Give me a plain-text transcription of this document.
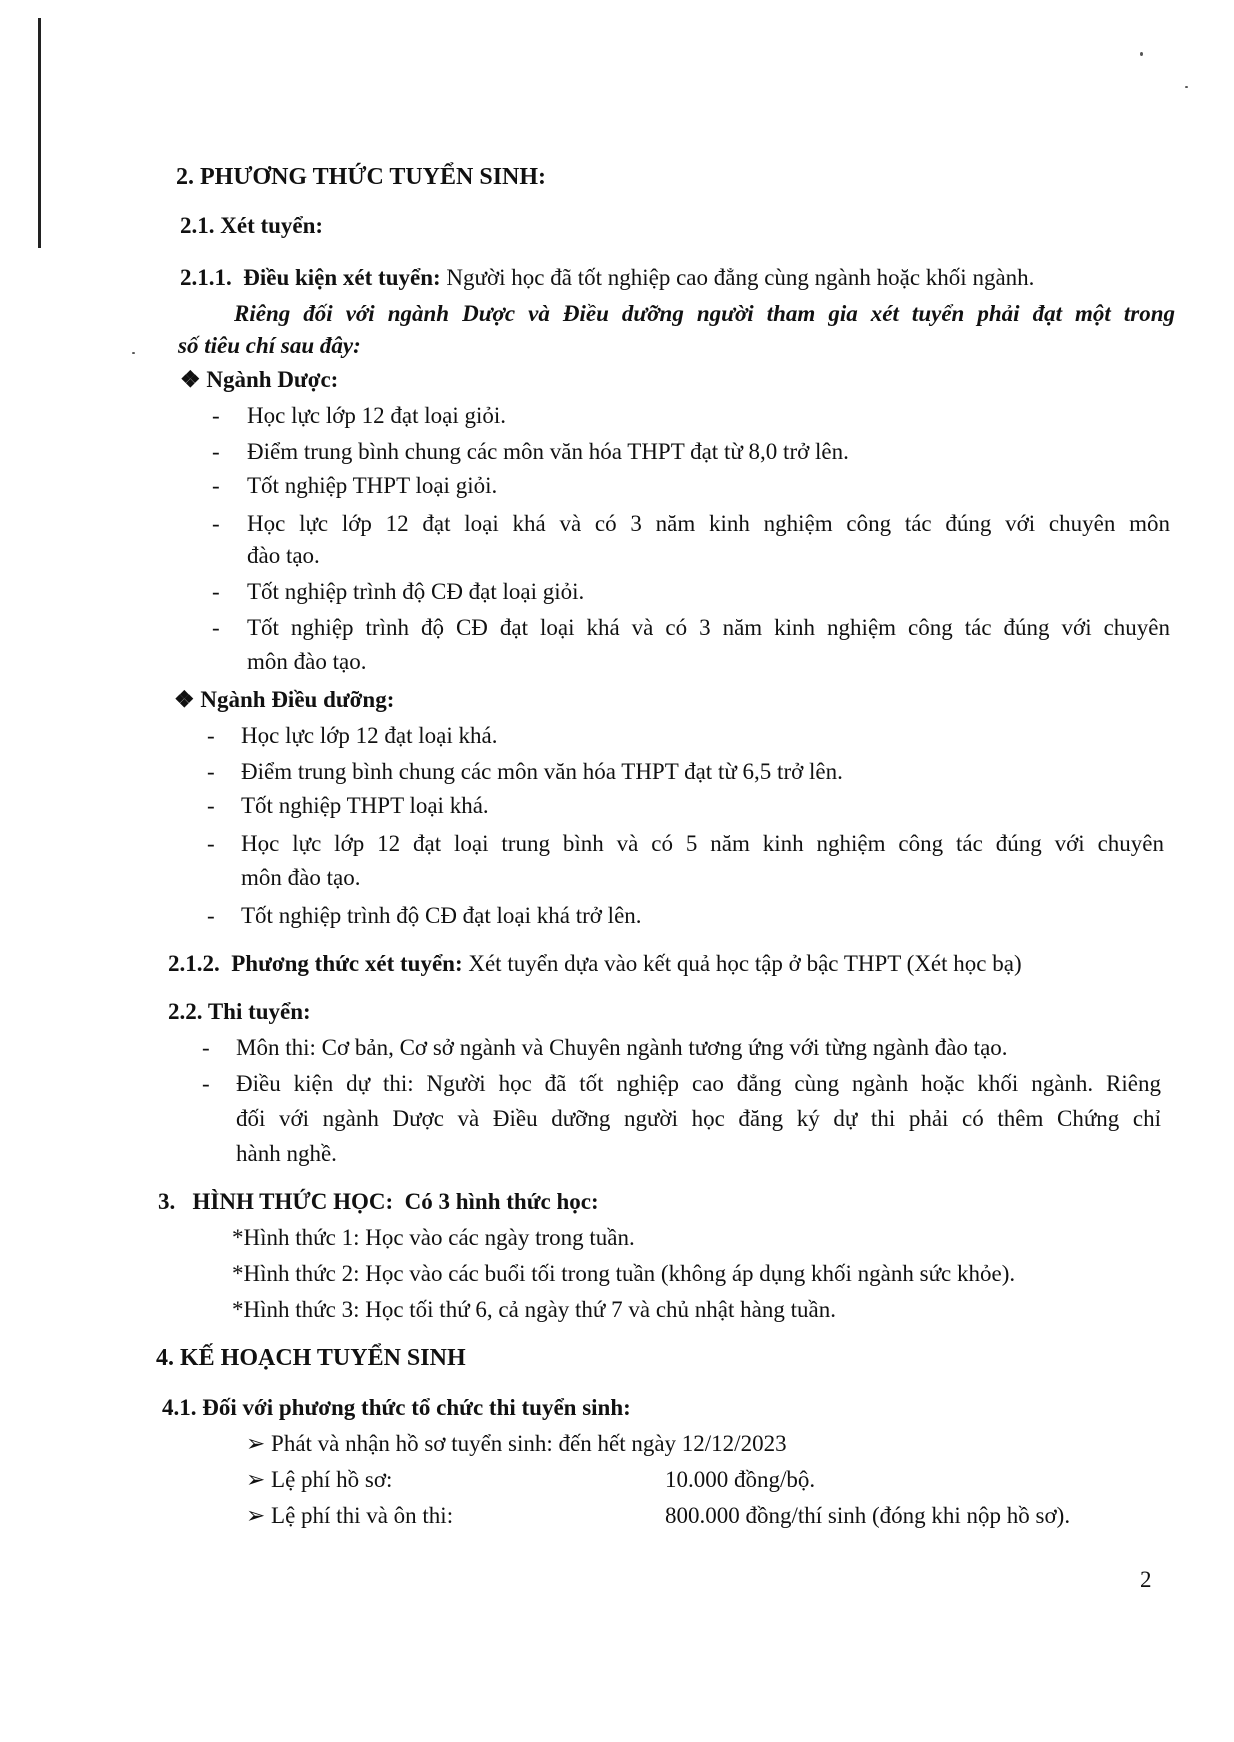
2. PHƯƠNG THỨC TUYỂN SINH:
2.1. Xét tuyển:
2.1.1. Điều kiện xét tuyển: Người học đã tốt nghiệp cao đẳng cùng ngành hoặc khối ngành.
Riêng đối với ngành Dược và Điều dưỡng người tham gia xét tuyển phải đạt một trong
số tiêu chí sau đây:
❖ Ngành Dược:
- Học lực lớp 12 đạt loại giỏi.
- Điểm trung bình chung các môn văn hóa THPT đạt từ 8,0 trở lên.
- Tốt nghiệp THPT loại giỏi.
- Học lực lớp 12 đạt loại khá và có 3 năm kinh nghiệm công tác đúng với chuyên môn
đào tạo.
- Tốt nghiệp trình độ CĐ đạt loại giỏi.
- Tốt nghiệp trình độ CĐ đạt loại khá và có 3 năm kinh nghiệm công tác đúng với chuyên
môn đào tạo.
❖ Ngành Điều dưỡng:
- Học lực lớp 12 đạt loại khá.
- Điểm trung bình chung các môn văn hóa THPT đạt từ 6,5 trở lên.
- Tốt nghiệp THPT loại khá.
- Học lực lớp 12 đạt loại trung bình và có 5 năm kinh nghiệm công tác đúng với chuyên
môn đào tạo.
- Tốt nghiệp trình độ CĐ đạt loại khá trở lên.
2.1.2. Phương thức xét tuyển: Xét tuyển dựa vào kết quả học tập ở bậc THPT (Xét học bạ)
2.2. Thi tuyển:
- Môn thi: Cơ bản, Cơ sở ngành và Chuyên ngành tương ứng với từng ngành đào tạo.
- Điều kiện dự thi: Người học đã tốt nghiệp cao đẳng cùng ngành hoặc khối ngành. Riêng
đối với ngành Dược và Điều dưỡng người học đăng ký dự thi phải có thêm Chứng chỉ
hành nghề.
3. HÌNH THỨC HỌC: Có 3 hình thức học:
*Hình thức 1: Học vào các ngày trong tuần.
*Hình thức 2: Học vào các buổi tối trong tuần (không áp dụng khối ngành sức khỏe).
*Hình thức 3: Học tối thứ 6, cả ngày thứ 7 và chủ nhật hàng tuần.
4. KẾ HOẠCH TUYỂN SINH
4.1. Đối với phương thức tổ chức thi tuyển sinh:
➢ Phát và nhận hồ sơ tuyển sinh: đến hết ngày 12/12/2023
➢ Lệ phí hồ sơ:	10.000 đồng/bộ.
➢ Lệ phí thi và ôn thi:	800.000 đồng/thí sinh (đóng khi nộp hồ sơ).
2
